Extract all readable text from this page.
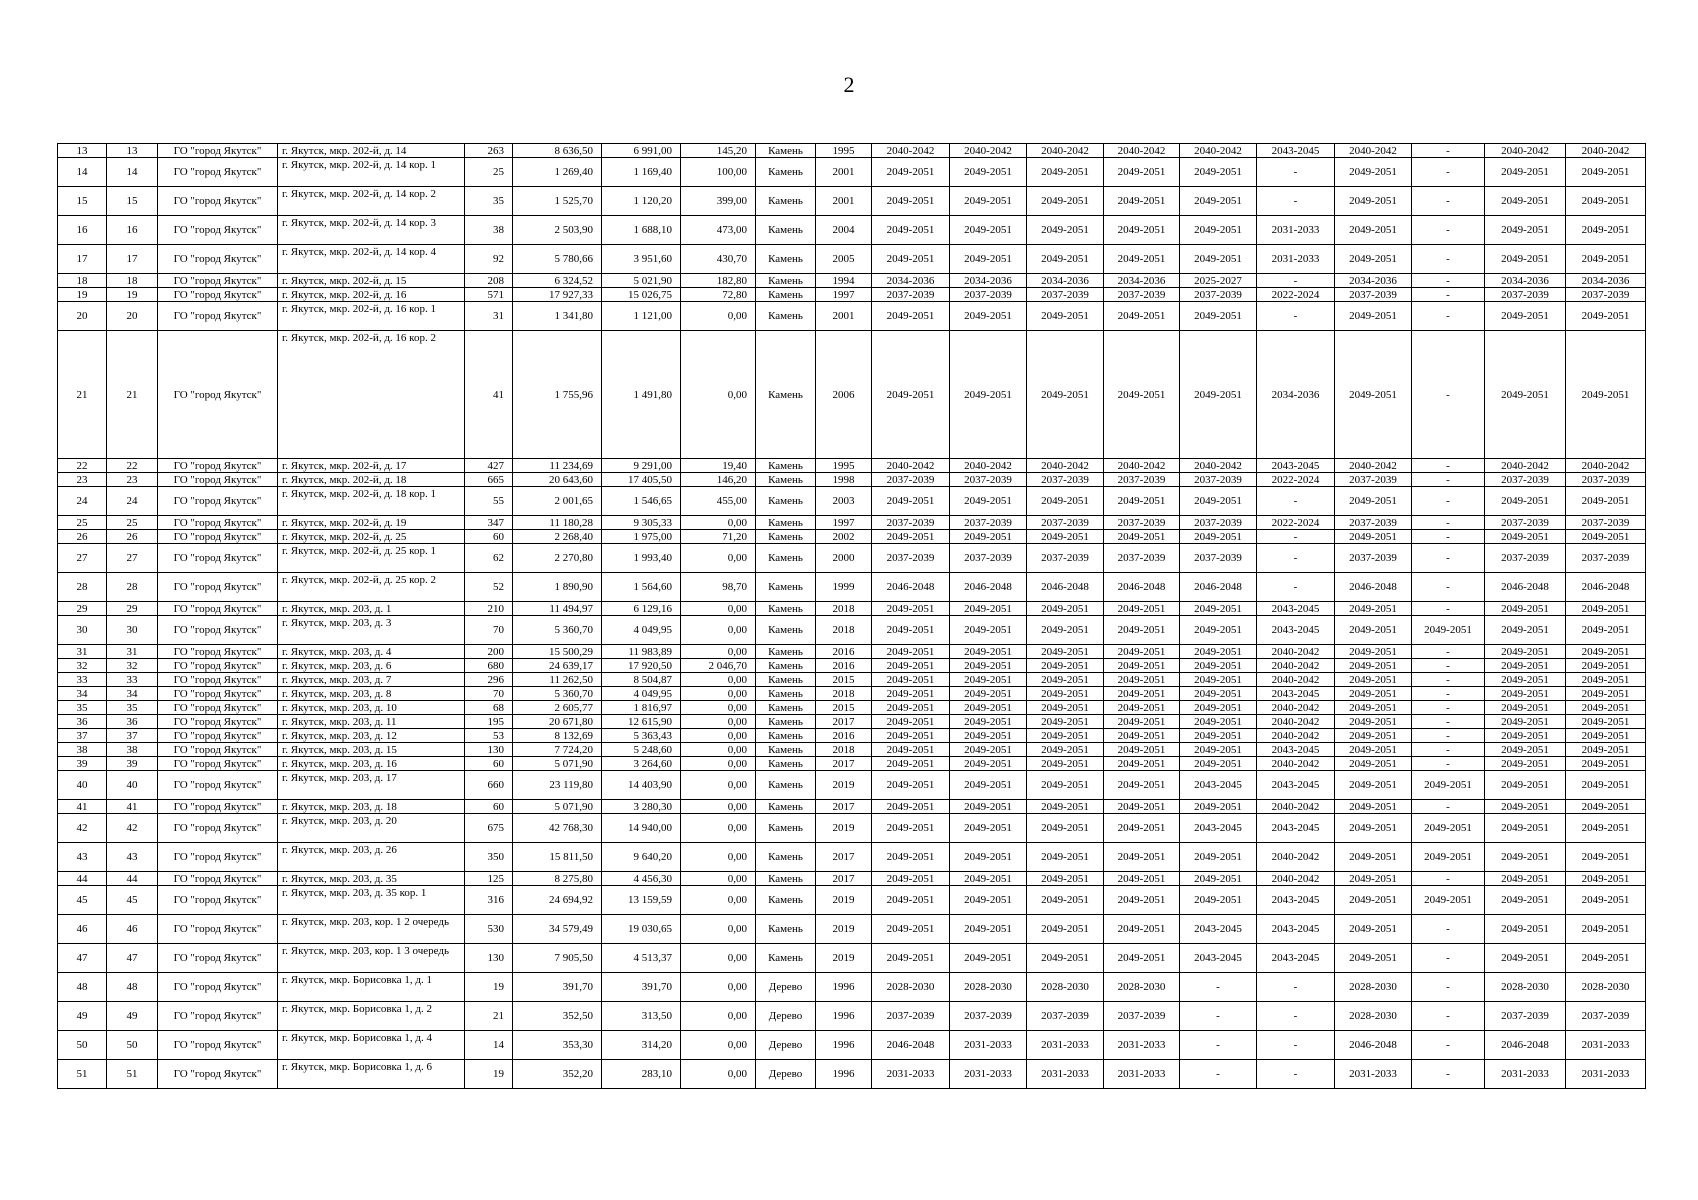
2
13	13	ГО "город Якутск"	г. Якутск, мкр. 202-й, д. 14	263	8 636,50	6 991,00	145,20	Камень	1995	2040-2042	2040-2042	2040-2042	2040-2042	2040-2042	2043-2045	2040-2042	-	2040-2042	2040-2042
14	14	ГО "город Якутск"	г. Якутск, мкр. 202-й, д. 14 кор. 1	25	1 269,40	1 169,40	100,00	Камень	2001	2049-2051	2049-2051	2049-2051	2049-2051	2049-2051	-	2049-2051	-	2049-2051	2049-2051
15	15	ГО "город Якутск"	г. Якутск, мкр. 202-й, д. 14 кор. 2	35	1 525,70	1 120,20	399,00	Камень	2001	2049-2051	2049-2051	2049-2051	2049-2051	2049-2051	-	2049-2051	-	2049-2051	2049-2051
16	16	ГО "город Якутск"	г. Якутск, мкр. 202-й, д. 14 кор. 3	38	2 503,90	1 688,10	473,00	Камень	2004	2049-2051	2049-2051	2049-2051	2049-2051	2049-2051	2031-2033	2049-2051	-	2049-2051	2049-2051
17	17	ГО "город Якутск"	г. Якутск, мкр. 202-й, д. 14 кор. 4	92	5 780,66	3 951,60	430,70	Камень	2005	2049-2051	2049-2051	2049-2051	2049-2051	2049-2051	2031-2033	2049-2051	-	2049-2051	2049-2051
18	18	ГО "город Якутск"	г. Якутск, мкр. 202-й, д. 15	208	6 324,52	5 021,90	182,80	Камень	1994	2034-2036	2034-2036	2034-2036	2034-2036	2025-2027	-	2034-2036	-	2034-2036	2034-2036
19	19	ГО "город Якутск"	г. Якутск, мкр. 202-й, д. 16	571	17 927,33	15 026,75	72,80	Камень	1997	2037-2039	2037-2039	2037-2039	2037-2039	2037-2039	2022-2024	2037-2039	-	2037-2039	2037-2039
20	20	ГО "город Якутск"	г. Якутск, мкр. 202-й, д. 16 кор. 1	31	1 341,80	1 121,00	0,00	Камень	2001	2049-2051	2049-2051	2049-2051	2049-2051	2049-2051	-	2049-2051	-	2049-2051	2049-2051
21	21	ГО "город Якутск"	г. Якутск, мкр. 202-й, д. 16 кор. 2	41	1 755,96	1 491,80	0,00	Камень	2006	2049-2051	2049-2051	2049-2051	2049-2051	2049-2051	2034-2036	2049-2051	-	2049-2051	2049-2051
22	22	ГО "город Якутск"	г. Якутск, мкр. 202-й, д. 17	427	11 234,69	9 291,00	19,40	Камень	1995	2040-2042	2040-2042	2040-2042	2040-2042	2040-2042	2043-2045	2040-2042	-	2040-2042	2040-2042
23	23	ГО "город Якутск"	г. Якутск, мкр. 202-й, д. 18	665	20 643,60	17 405,50	146,20	Камень	1998	2037-2039	2037-2039	2037-2039	2037-2039	2037-2039	2022-2024	2037-2039	-	2037-2039	2037-2039
24	24	ГО "город Якутск"	г. Якутск, мкр. 202-й, д. 18 кор. 1	55	2 001,65	1 546,65	455,00	Камень	2003	2049-2051	2049-2051	2049-2051	2049-2051	2049-2051	-	2049-2051	-	2049-2051	2049-2051
25	25	ГО "город Якутск"	г. Якутск, мкр. 202-й, д. 19	347	11 180,28	9 305,33	0,00	Камень	1997	2037-2039	2037-2039	2037-2039	2037-2039	2037-2039	2022-2024	2037-2039	-	2037-2039	2037-2039
26	26	ГО "город Якутск"	г. Якутск, мкр. 202-й, д. 25	60	2 268,40	1 975,00	71,20	Камень	2002	2049-2051	2049-2051	2049-2051	2049-2051	2049-2051	-	2049-2051	-	2049-2051	2049-2051
27	27	ГО "город Якутск"	г. Якутск, мкр. 202-й, д. 25 кор. 1	62	2 270,80	1 993,40	0,00	Камень	2000	2037-2039	2037-2039	2037-2039	2037-2039	2037-2039	-	2037-2039	-	2037-2039	2037-2039
28	28	ГО "город Якутск"	г. Якутск, мкр. 202-й, д. 25 кор. 2	52	1 890,90	1 564,60	98,70	Камень	1999	2046-2048	2046-2048	2046-2048	2046-2048	2046-2048	-	2046-2048	-	2046-2048	2046-2048
29	29	ГО "город Якутск"	г. Якутск, мкр. 203, д. 1	210	11 494,97	6 129,16	0,00	Камень	2018	2049-2051	2049-2051	2049-2051	2049-2051	2049-2051	2043-2045	2049-2051	-	2049-2051	2049-2051
30	30	ГО "город Якутск"	г. Якутск, мкр. 203, д. 3	70	5 360,70	4 049,95	0,00	Камень	2018	2049-2051	2049-2051	2049-2051	2049-2051	2049-2051	2043-2045	2049-2051	2049-2051	2049-2051	2049-2051
31	31	ГО "город Якутск"	г. Якутск, мкр. 203, д. 4	200	15 500,29	11 983,89	0,00	Камень	2016	2049-2051	2049-2051	2049-2051	2049-2051	2049-2051	2040-2042	2049-2051	-	2049-2051	2049-2051
32	32	ГО "город Якутск"	г. Якутск, мкр. 203, д. 6	680	24 639,17	17 920,50	2 046,70	Камень	2016	2049-2051	2049-2051	2049-2051	2049-2051	2049-2051	2040-2042	2049-2051	-	2049-2051	2049-2051
33	33	ГО "город Якутск"	г. Якутск, мкр. 203, д. 7	296	11 262,50	8 504,87	0,00	Камень	2015	2049-2051	2049-2051	2049-2051	2049-2051	2049-2051	2040-2042	2049-2051	-	2049-2051	2049-2051
34	34	ГО "город Якутск"	г. Якутск, мкр. 203, д. 8	70	5 360,70	4 049,95	0,00	Камень	2018	2049-2051	2049-2051	2049-2051	2049-2051	2049-2051	2043-2045	2049-2051	-	2049-2051	2049-2051
35	35	ГО "город Якутск"	г. Якутск, мкр. 203, д. 10	68	2 605,77	1 816,97	0,00	Камень	2015	2049-2051	2049-2051	2049-2051	2049-2051	2049-2051	2040-2042	2049-2051	-	2049-2051	2049-2051
36	36	ГО "город Якутск"	г. Якутск, мкр. 203, д. 11	195	20 671,80	12 615,90	0,00	Камень	2017	2049-2051	2049-2051	2049-2051	2049-2051	2049-2051	2040-2042	2049-2051	-	2049-2051	2049-2051
37	37	ГО "город Якутск"	г. Якутск, мкр. 203, д. 12	53	8 132,69	5 363,43	0,00	Камень	2016	2049-2051	2049-2051	2049-2051	2049-2051	2049-2051	2040-2042	2049-2051	-	2049-2051	2049-2051
38	38	ГО "город Якутск"	г. Якутск, мкр. 203, д. 15	130	7 724,20	5 248,60	0,00	Камень	2018	2049-2051	2049-2051	2049-2051	2049-2051	2049-2051	2043-2045	2049-2051	-	2049-2051	2049-2051
39	39	ГО "город Якутск"	г. Якутск, мкр. 203, д. 16	60	5 071,90	3 264,60	0,00	Камень	2017	2049-2051	2049-2051	2049-2051	2049-2051	2049-2051	2040-2042	2049-2051	-	2049-2051	2049-2051
40	40	ГО "город Якутск"	г. Якутск, мкр. 203, д. 17	660	23 119,80	14 403,90	0,00	Камень	2019	2049-2051	2049-2051	2049-2051	2049-2051	2043-2045	2043-2045	2049-2051	2049-2051	2049-2051	2049-2051
41	41	ГО "город Якутск"	г. Якутск, мкр. 203, д. 18	60	5 071,90	3 280,30	0,00	Камень	2017	2049-2051	2049-2051	2049-2051	2049-2051	2049-2051	2040-2042	2049-2051	-	2049-2051	2049-2051
42	42	ГО "город Якутск"	г. Якутск, мкр. 203, д. 20	675	42 768,30	14 940,00	0,00	Камень	2019	2049-2051	2049-2051	2049-2051	2049-2051	2043-2045	2043-2045	2049-2051	2049-2051	2049-2051	2049-2051
43	43	ГО "город Якутск"	г. Якутск, мкр. 203, д. 26	350	15 811,50	9 640,20	0,00	Камень	2017	2049-2051	2049-2051	2049-2051	2049-2051	2049-2051	2040-2042	2049-2051	2049-2051	2049-2051	2049-2051
44	44	ГО "город Якутск"	г. Якутск, мкр. 203, д. 35	125	8 275,80	4 456,30	0,00	Камень	2017	2049-2051	2049-2051	2049-2051	2049-2051	2049-2051	2040-2042	2049-2051	-	2049-2051	2049-2051
45	45	ГО "город Якутск"	г. Якутск, мкр. 203, д. 35 кор. 1	316	24 694,92	13 159,59	0,00	Камень	2019	2049-2051	2049-2051	2049-2051	2049-2051	2049-2051	2043-2045	2049-2051	2049-2051	2049-2051	2049-2051
46	46	ГО "город Якутск"	г. Якутск, мкр. 203, кор. 1 2 очередь	530	34 579,49	19 030,65	0,00	Камень	2019	2049-2051	2049-2051	2049-2051	2049-2051	2043-2045	2043-2045	2049-2051	-	2049-2051	2049-2051
47	47	ГО "город Якутск"	г. Якутск, мкр. 203, кор. 1 3 очередь	130	7 905,50	4 513,37	0,00	Камень	2019	2049-2051	2049-2051	2049-2051	2049-2051	2043-2045	2043-2045	2049-2051	-	2049-2051	2049-2051
48	48	ГО "город Якутск"	г. Якутск, мкр. Борисовка 1, д. 1	19	391,70	391,70	0,00	Дерево	1996	2028-2030	2028-2030	2028-2030	2028-2030	-	-	2028-2030	-	2028-2030	2028-2030
49	49	ГО "город Якутск"	г. Якутск, мкр. Борисовка 1, д. 2	21	352,50	313,50	0,00	Дерево	1996	2037-2039	2037-2039	2037-2039	2037-2039	-	-	2028-2030	-	2037-2039	2037-2039
50	50	ГО "город Якутск"	г. Якутск, мкр. Борисовка 1, д. 4	14	353,30	314,20	0,00	Дерево	1996	2046-2048	2031-2033	2031-2033	2031-2033	-	-	2046-2048	-	2046-2048	2031-2033
51	51	ГО "город Якутск"	г. Якутск, мкр. Борисовка 1, д. 6	19	352,20	283,10	0,00	Дерево	1996	2031-2033	2031-2033	2031-2033	2031-2033	-	-	2031-2033	-	2031-2033	2031-2033
